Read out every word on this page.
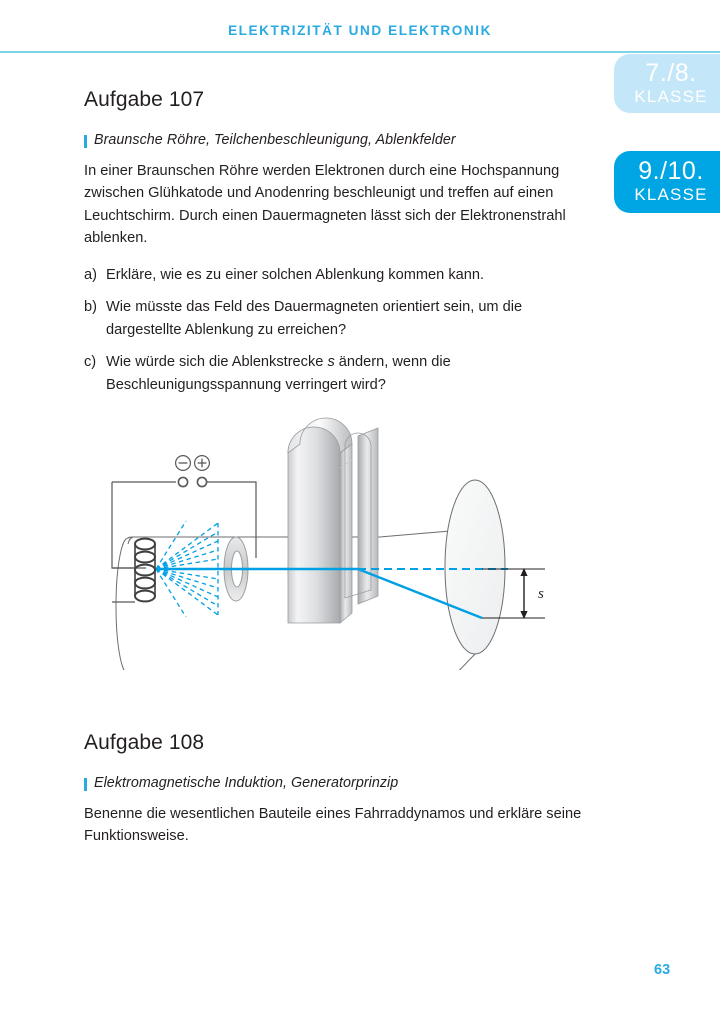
ELEKTRIZITÄT UND ELEKTRONIK
7./8.
KLASSE
9./10.
KLASSE
Aufgabe 107
Braunsche Röhre, Teilchenbeschleunigung, Ablenkfelder
In einer Braunschen Röhre werden Elektronen durch eine Hochspannung zwischen Glühkatode und Anodenring beschleunigt und treffen auf einen Leuchtschirm. Durch einen Dauermagneten lässt sich der Elektronenstrahl ablenken.
a) Erkläre, wie es zu einer solchen Ablenkung kommen kann.
b) Wie müsste das Feld des Dauermagneten orientiert sein, um die dargestellte Ablenkung zu erreichen?
c) Wie würde sich die Ablenkstrecke s ändern, wenn die Beschleunigungsspannung verringert wird?
s
Aufgabe 108
Elektromagnetische Induktion, Generatorprinzip
Benenne die wesentlichen Bauteile eines Fahrraddynamos und erkläre seine Funktionsweise.
63
